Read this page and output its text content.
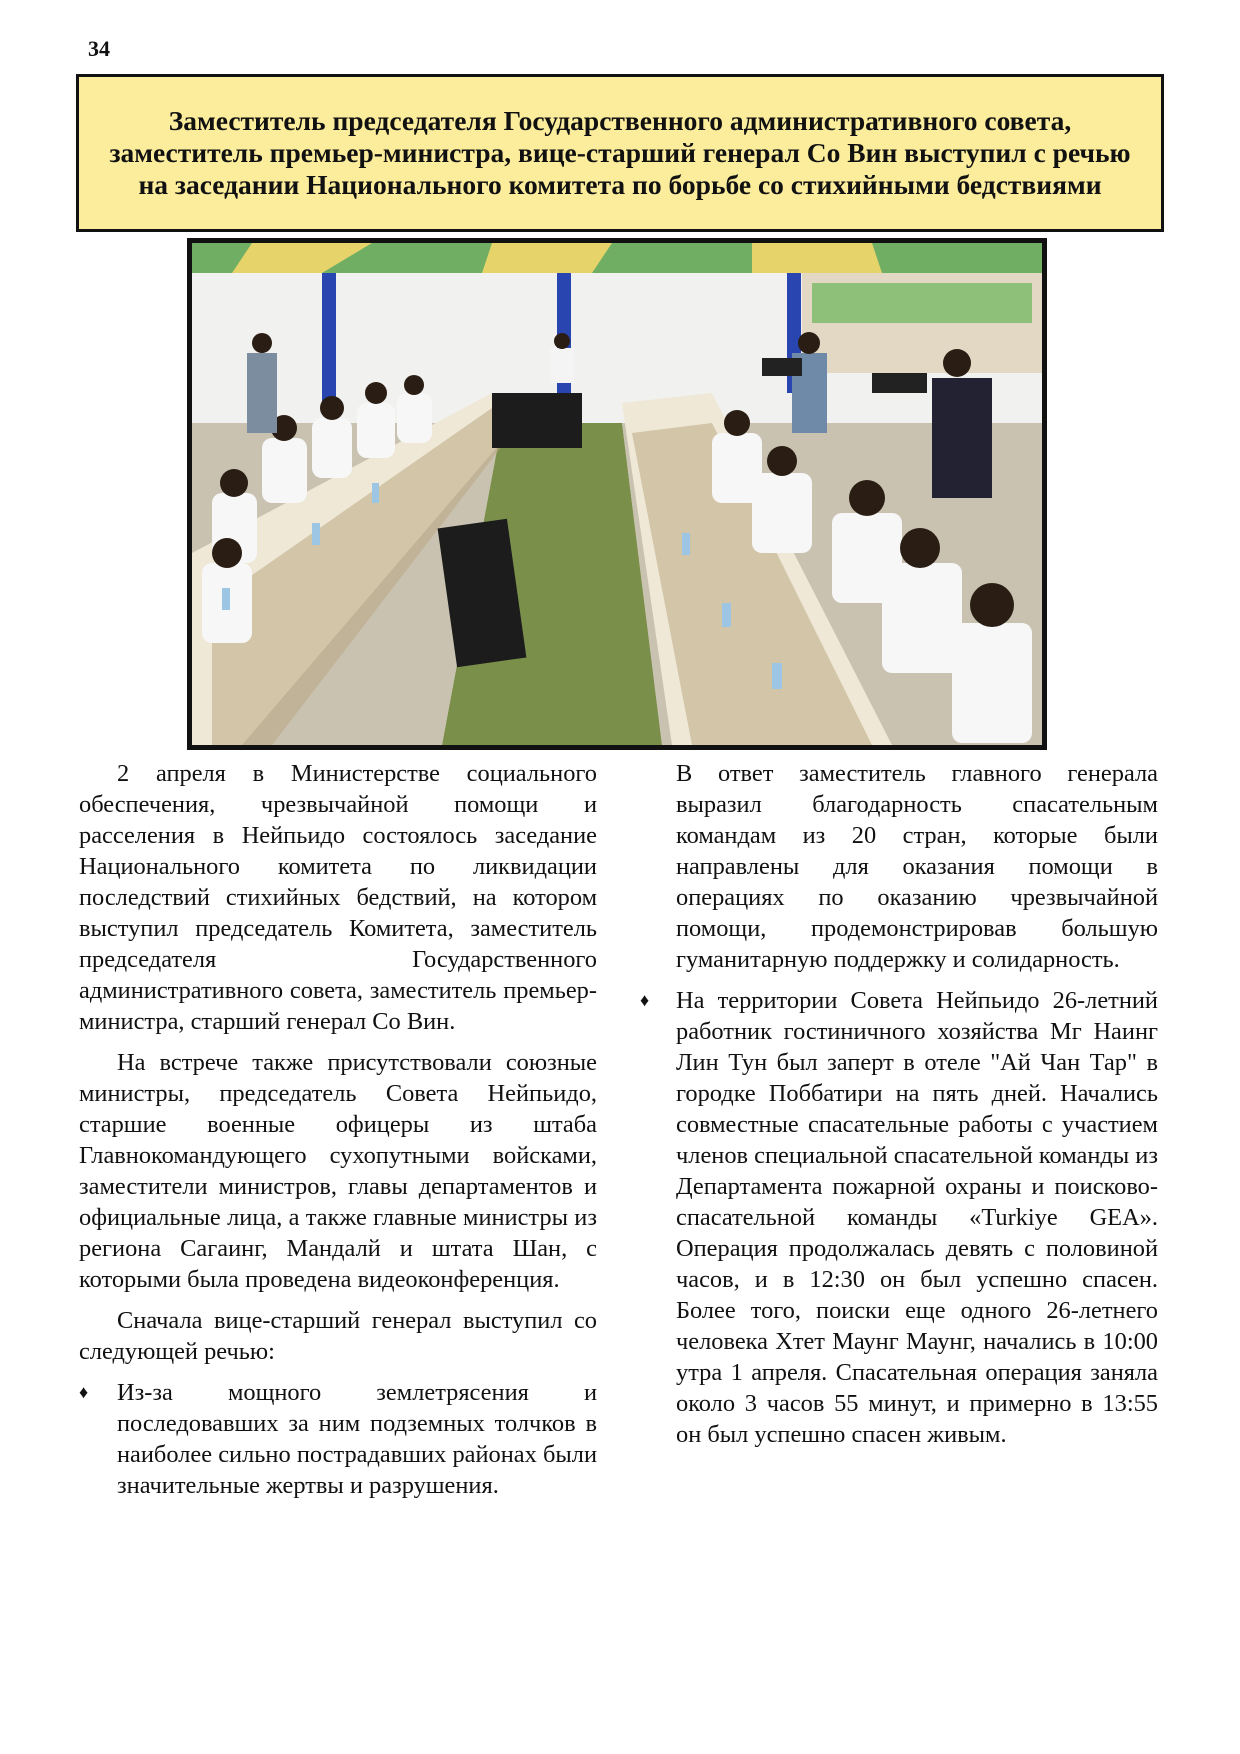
34
Заместитель председателя Государственного административного совета, заместитель премьер-министра, вице-старший генерал Со Вин выступил с речью на заседании Национального комитета по борьбе со стихийными бедствиями

2 апреля в Министерстве социального обеспечения, чрезвычайной помощи и расселения в Нейпьидо состоялось заседание Национального комитета по ликвидации последствий стихийных бедствий, на котором выступил председатель Комитета, заместитель председателя Государственного административного совета, заместитель премьер-министра, старший генерал Со Вин.

На встрече также присутствовали союзные министры, председатель Совета Нейпьидо, старшие военные офицеры из штаба Главнокомандующего сухопутными войсками, заместители министров, главы департаментов и официальные лица, а также главные министры из региона Сагаинг, Мандалй и штата Шан, с которыми была проведена видеоконференция.

Сначала вице-старший генерал выступил со следующей речью:

♦ Из-за мощного землетрясения и последовавших за ним подземных толчков в наиболее сильно пострадавших районах были значительные жертвы и разрушения.

В ответ заместитель главного генерала выразил благодарность спасательным командам из 20 стран, которые были направлены для оказания помощи в операциях по оказанию чрезвычайной помощи, продемонстрировав большую гуманитарную поддержку и солидарность.

♦ На территории Совета Нейпьидо 26-летний работник гостиничного хозяйства Мг Наинг Лин Тун был заперт в отеле "Ай Чан Тар" в городке Поббатири на пять дней. Начались совместные спасательные работы с участием членов специальной спасательной команды из Департамента пожарной охраны и поисково-спасательной команды «Turkiye GEA». Операция продолжалась девять с половиной часов, и в 12:30 он был успешно спасен. Более того, поиски еще одного 26-летнего человека Хтет Маунг Маунг, начались в 10:00 утра 1 апреля. Спасательная операция заняла около 3 часов 55 минут, и примерно в 13:55 он был успешно спасен живым.
